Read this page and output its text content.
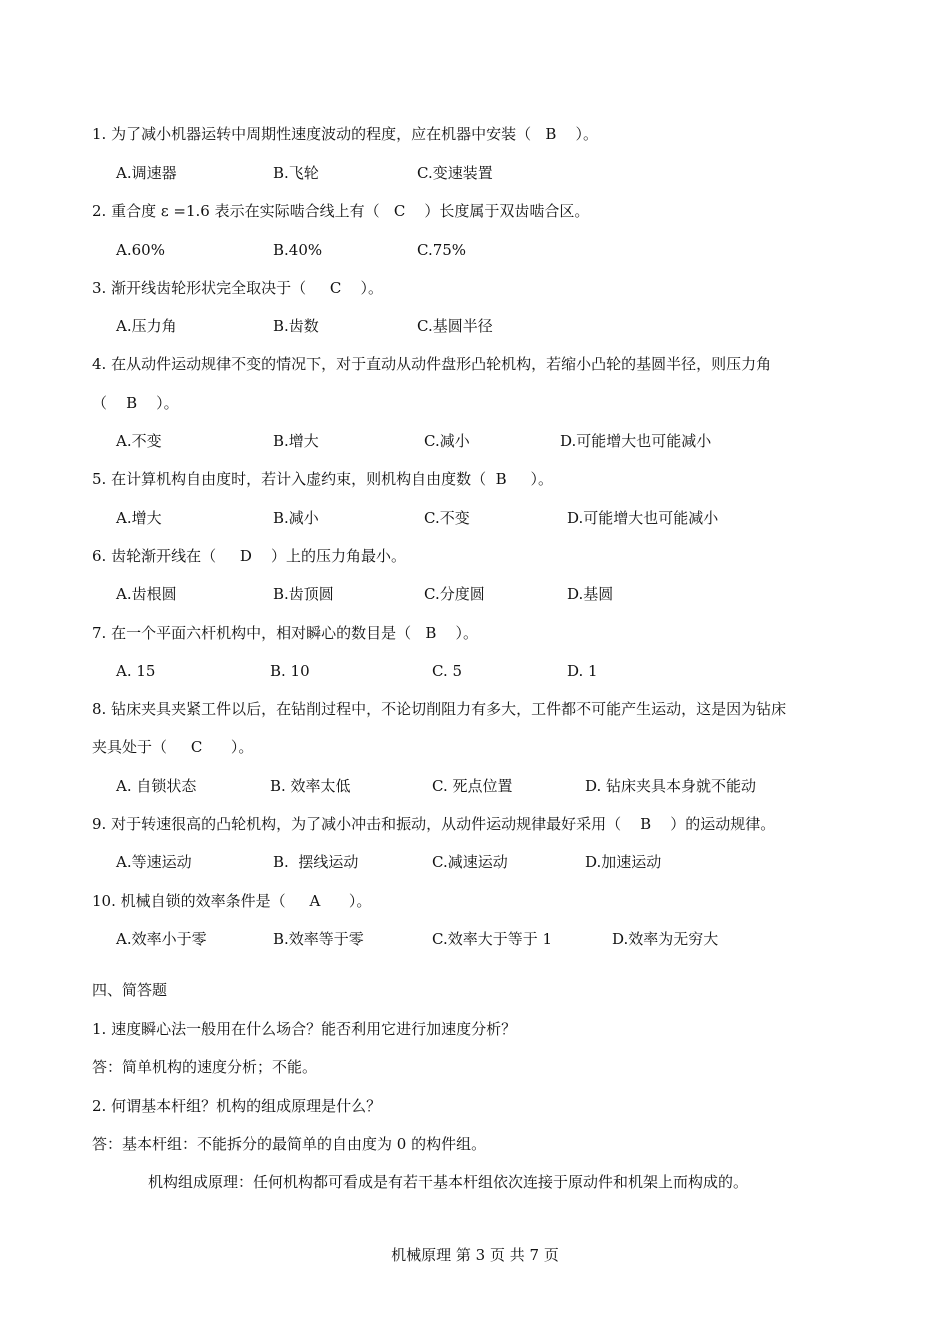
1. 为了减小机器运转中周期性速度波动的程度，应在机器中安装（   B    ）。
A.调速器	B.飞轮	C.变速装置
2. 重合度 ε =1.6 表示在实际啮合线上有（   C    ）长度属于双齿啮合区。
A.60%	B.40%	C.75%
3. 渐开线齿轮形状完全取决于（     C    ）。
A.压力角	B.齿数	C.基圆半径
4. 在从动件运动规律不变的情况下，对于直动从动件盘形凸轮机构，若缩小凸轮的基圆半径，则压力角
（    B    ）。
A.不变	B.增大	C.减小	D.可能增大也可能减小
5. 在计算机构自由度时，若计入虚约束，则机构自由度数（  B     ）。
A.增大	B.减小	C.不变	D.可能增大也可能减小
6. 齿轮渐开线在（     D    ）上的压力角最小。
A.齿根圆	B.齿顶圆	C.分度圆	D.基圆
7. 在一个平面六杆机构中，相对瞬心的数目是（   B    ）。
A. 15	B. 10	C. 5	D. 1
8. 钻床夹具夹紧工件以后，在钻削过程中，不论切削阻力有多大，工件都不可能产生运动，这是因为钻床
夹具处于（     C      ）。
A. 自锁状态	B. 效率太低	C. 死点位置	D. 钻床夹具本身就不能动
9. 对于转速很高的凸轮机构，为了减小冲击和振动，从动件运动规律最好采用（    B    ）的运动规律。
A.等速运动	B.  摆线运动	C.减速运动	D.加速运动
10. 机械自锁的效率条件是（     A      ）。
A.效率小于零	B.效率等于零	C.效率大于等于 1	D.效率为无穷大
四、简答题
1. 速度瞬心法一般用在什么场合？能否利用它进行加速度分析？
答：简单机构的速度分析；不能。
2. 何谓基本杆组？机构的组成原理是什么？
答：基本杆组：不能拆分的最简单的自由度为 0 的构件组。
机构组成原理：任何机构都可看成是有若干基本杆组依次连接于原动件和机架上而构成的。
机械原理 第 3 页 共 7 页
